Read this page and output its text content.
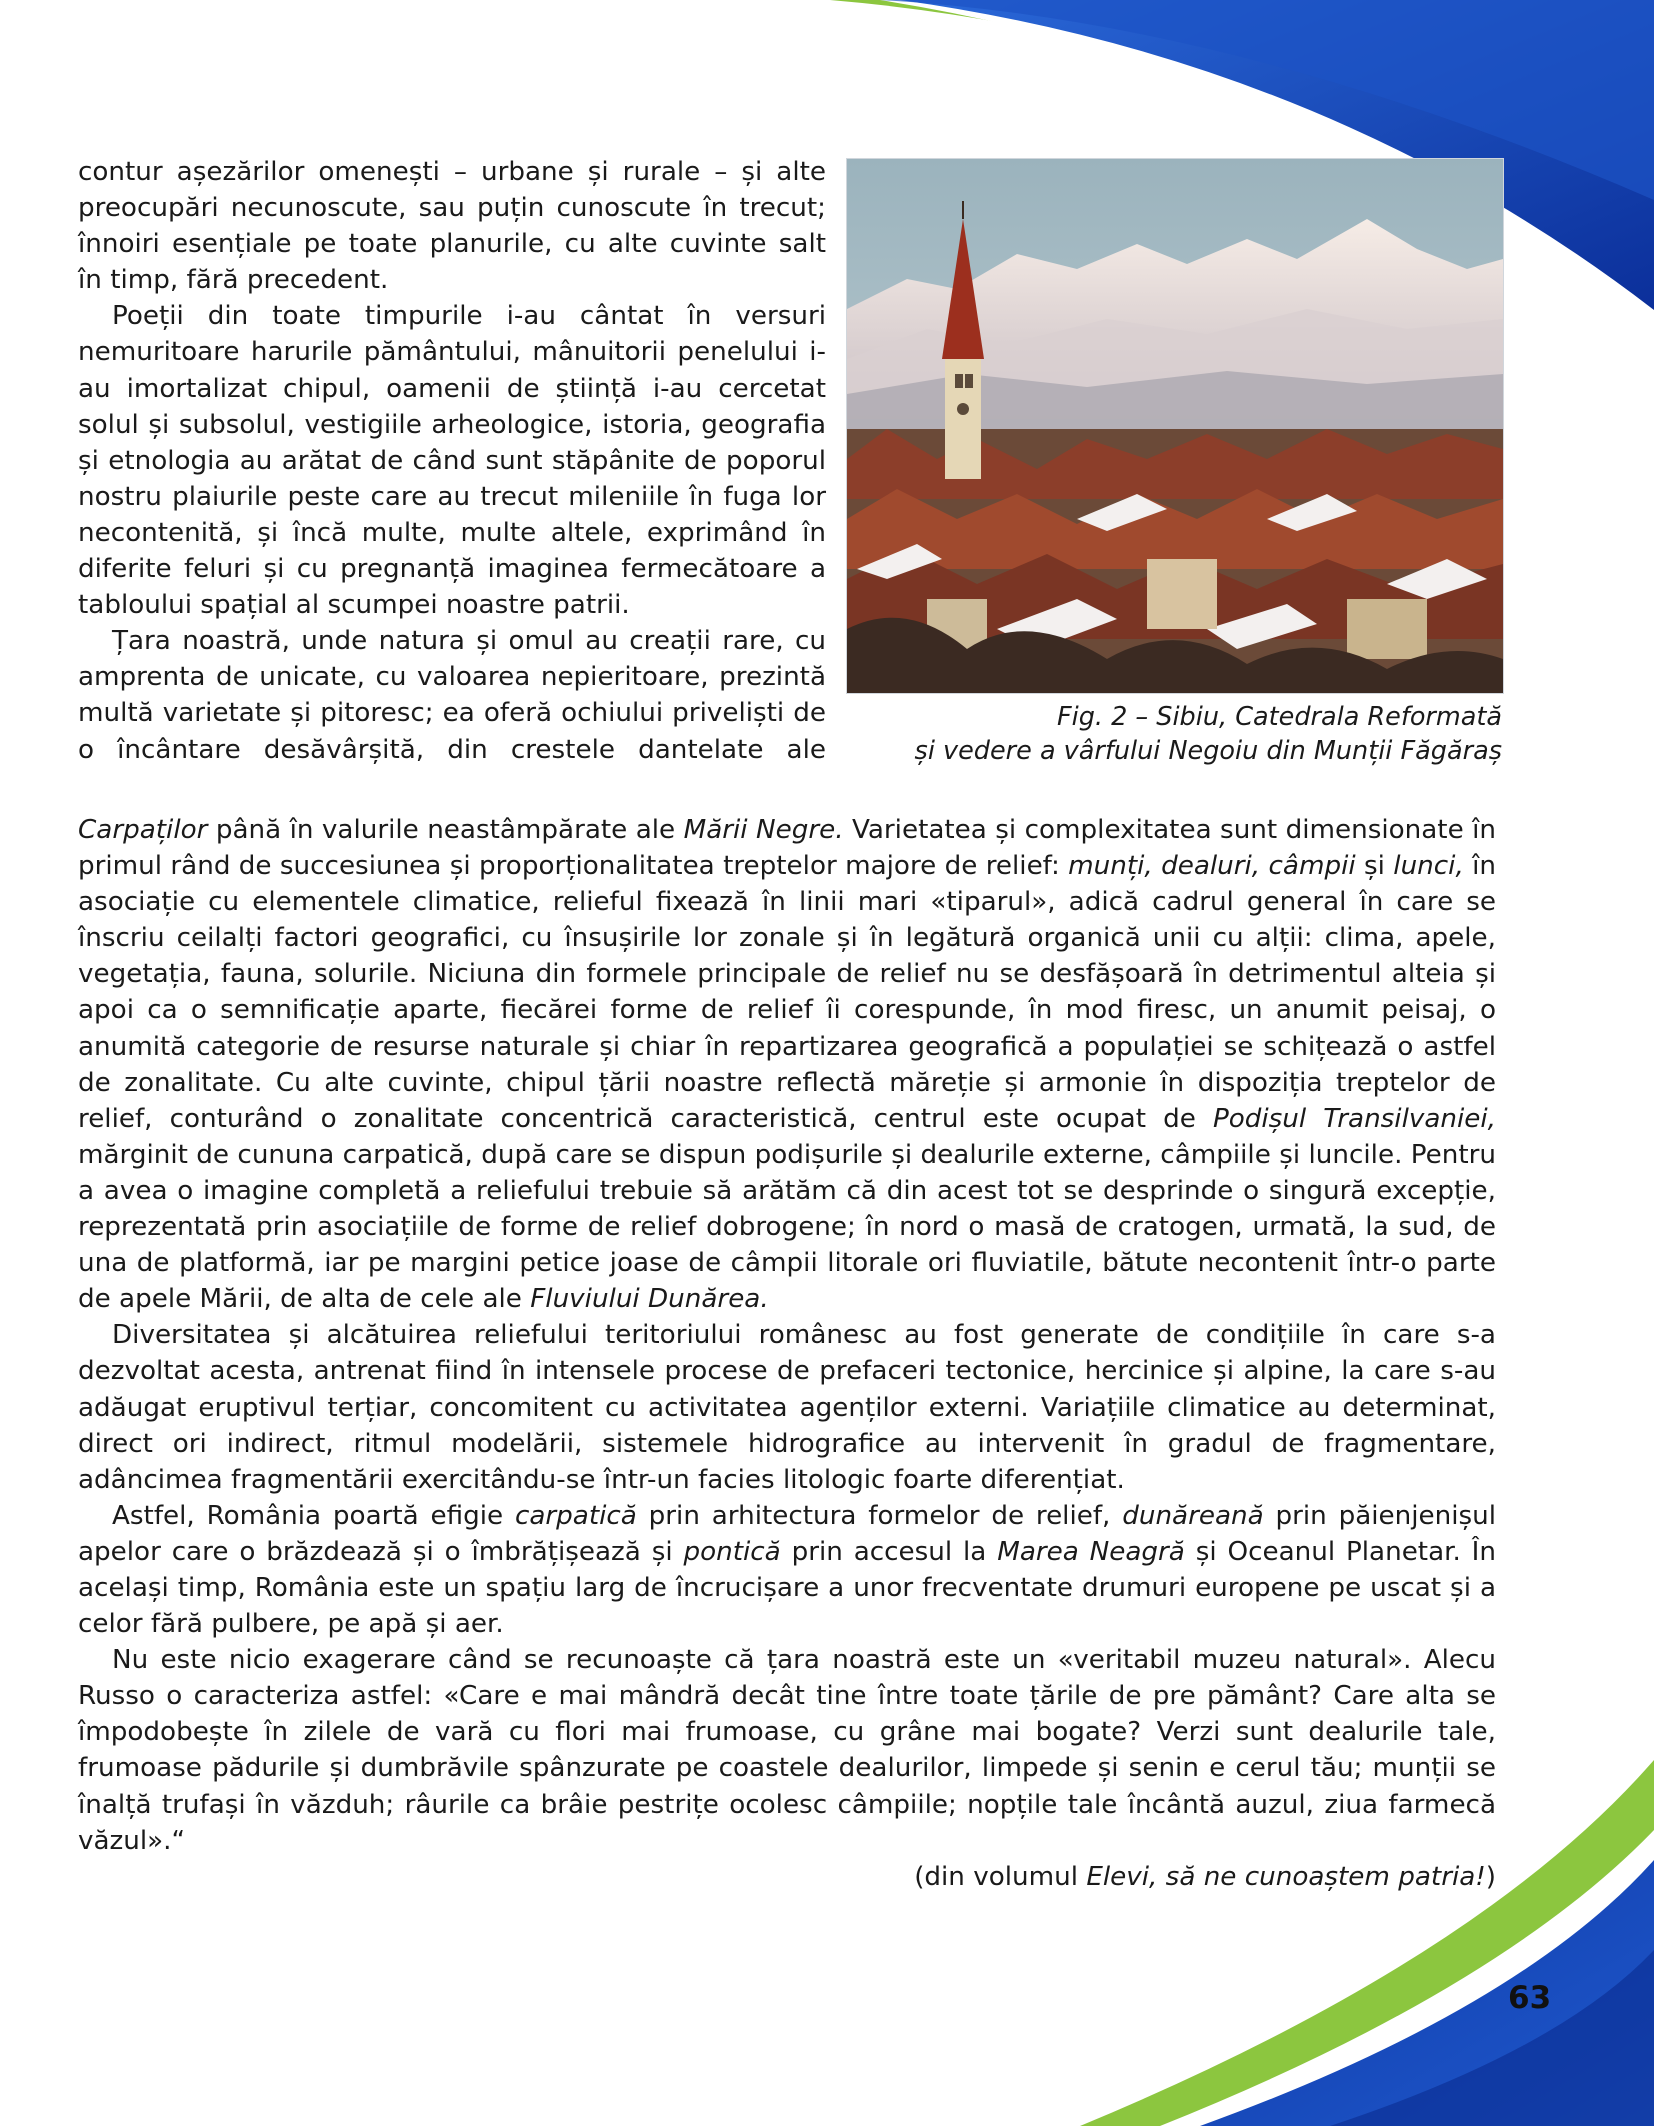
Fig. 2 – Sibiu, Catedrala Reformată
și vedere a vârfului Negoiu din Munții Făgăraș

contur așezărilor omenești – urbane și rurale – și alte preocupări necunoscute, sau puțin cunoscute în trecut; înnoiri esențiale pe toate planurile, cu alte cuvinte salt în timp, fără precedent.

Poeții din toate timpurile i-au cântat în versuri nemuritoare harurile pământului, mânuitorii penelului i-au imortalizat chipul, oamenii de știință i-au cercetat solul și subsolul, vestigiile arheologice, istoria, geografia și etnologia au arătat de când sunt stăpânite de poporul nostru plaiurile peste care au trecut mileniile în fuga lor necontenită, și încă multe, multe altele, exprimând în diferite feluri și cu pregnanță imaginea fermecătoare a tabloului spațial al scumpei noastre patrii.

Țara noastră, unde natura și omul au creații rare, cu amprenta de unicate, cu valoarea nepieritoare, prezintă multă varietate și pitoresc; ea oferă ochiului priveliști de o încântare desăvârșită, din crestele dantelate ale

Carpaților până în valurile neastâmpărate ale Mării Negre. Varietatea și complexitatea sunt dimensionate în primul rând de succesiunea și proporționalitatea treptelor majore de relief: munți, dealuri, câmpii și lunci, în asociație cu elementele climatice, relieful fixează în linii mari «tiparul», adică cadrul general în care se înscriu ceilalți factori geografici, cu însușirile lor zonale și în legătură organică unii cu alții: clima, apele, vegetația, fauna, solurile. Niciuna din formele principale de relief nu se desfășoară în detrimentul alteia și apoi ca o semnificație aparte, fiecărei forme de relief îi corespunde, în mod firesc, un anumit peisaj, o anumită categorie de resurse naturale și chiar în repartizarea geografică a populației se schițează o astfel de zonalitate. Cu alte cuvinte, chipul țării noastre reflectă măreție și armonie în dispoziția treptelor de relief, conturând o zonalitate concentrică caracteristică, centrul este ocupat de Podișul Transilvaniei, mărginit de cununa carpatică, după care se dispun podișurile și dealurile externe, câmpiile și luncile. Pentru a avea o imagine completă a reliefului trebuie să arătăm că din acest tot se desprinde o singură excepție, reprezentată prin asociațiile de forme de relief dobrogene; în nord o masă de cratogen, urmată, la sud, de una de platformă, iar pe margini petice joase de câmpii litorale ori fluviatile, bătute necontenit într-o parte de apele Mării, de alta de cele ale Fluviului Dunărea.

Diversitatea și alcătuirea reliefului teritoriului românesc au fost generate de condițiile în care s-a dezvoltat acesta, antrenat fiind în intensele procese de prefaceri tectonice, hercinice și alpine, la care s-au adăugat eruptivul terțiar, concomitent cu activitatea agenților externi. Variațiile climatice au determinat, direct ori indirect, ritmul modelării, sistemele hidrografice au intervenit în gradul de fragmentare, adâncimea fragmentării exercitându-se într-un facies litologic foarte diferențiat.

Astfel, România poartă efigie carpatică prin arhitectura formelor de relief, dunăreană prin păienjenișul apelor care o brăzdează și o îmbrățișează și pontică prin accesul la Marea Neagră și Oceanul Planetar. În același timp, România este un spațiu larg de încrucișare a unor frecventate drumuri europene pe uscat și a celor fără pulbere, pe apă și aer.

Nu este nicio exagerare când se recunoaște că țara noastră este un «veritabil muzeu natural». Alecu Russo o caracteriza astfel: «Care e mai mândră decât tine între toate țările de pre pământ? Care alta se împodobește în zilele de vară cu flori mai frumoase, cu grâne mai bogate? Verzi sunt dealurile tale, frumoase pădurile și dumbrăvile spânzurate pe coastele dealurilor, limpede și senin e cerul tău; munții se înalță trufași în văzduh; râurile ca brâie pestrițe ocolesc câmpiile; nopțile tale încântă auzul, ziua farmecă văzul».“

(din volumul Elevi, să ne cunoaștem patria!)

63
